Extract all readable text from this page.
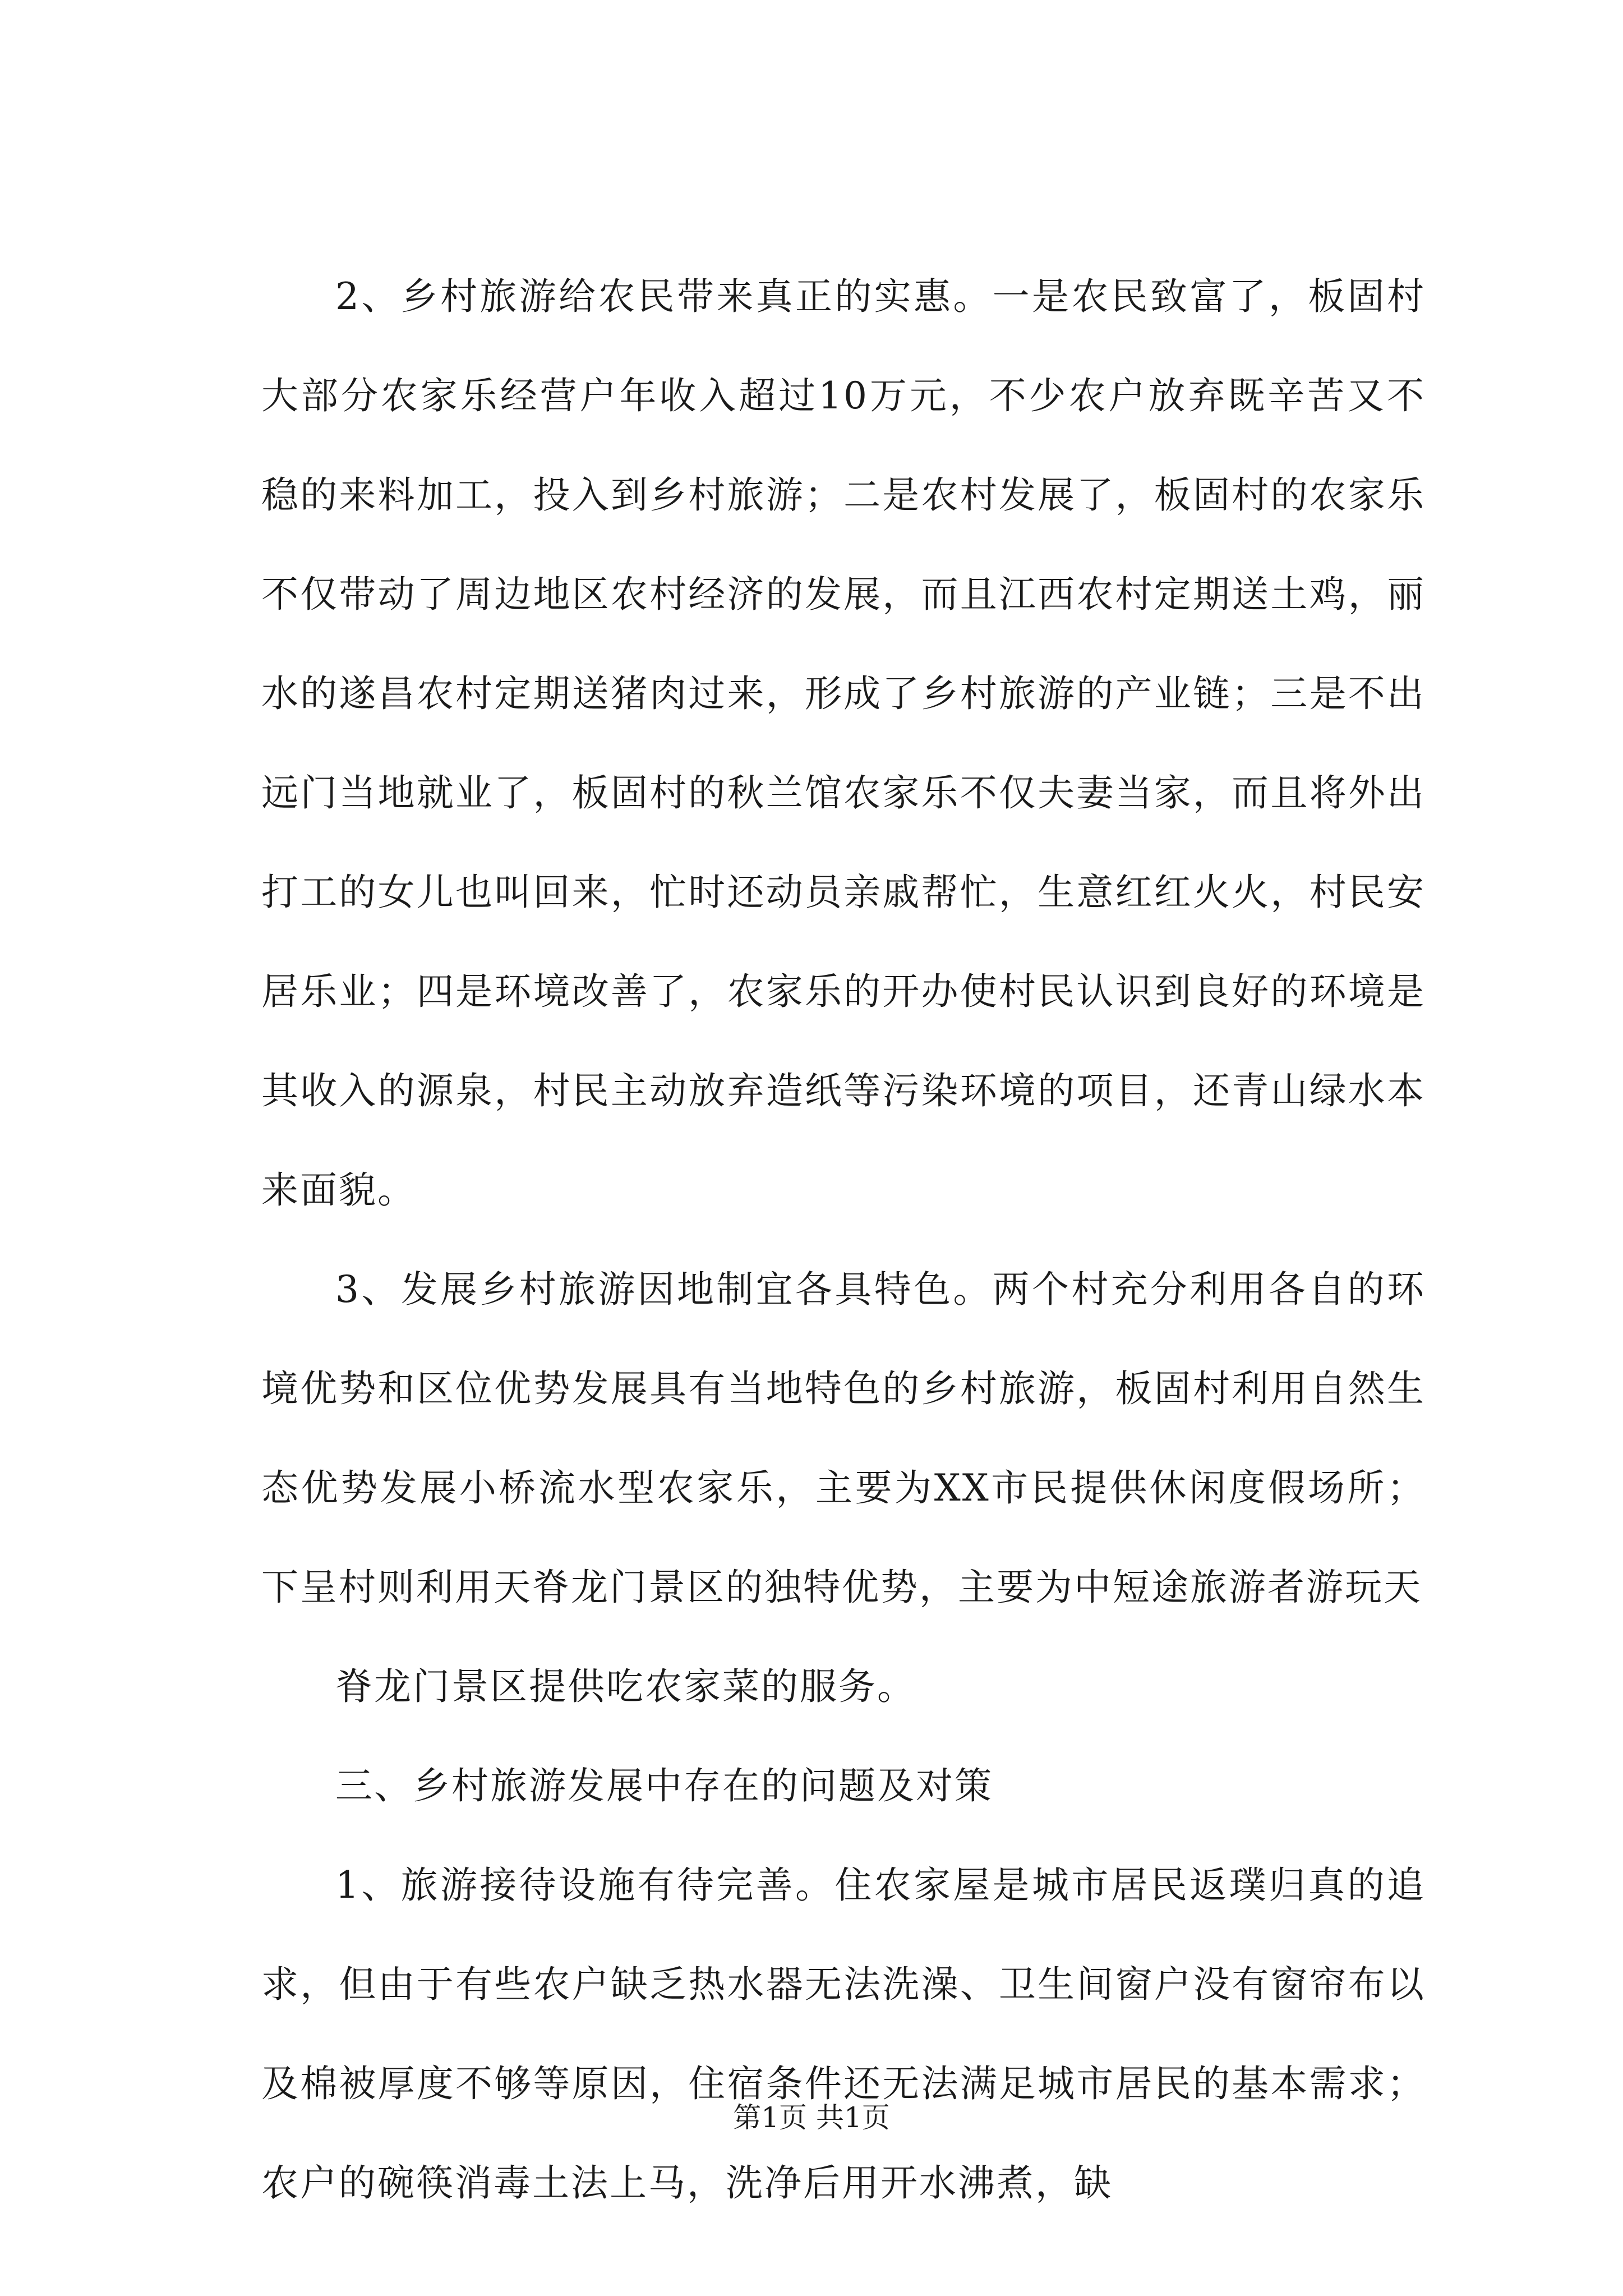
2、乡村旅游给农民带来真正的实惠。一是农民致富了，板固村大部分农家乐经营户年收入超过10万元，不少农户放弃既辛苦又不稳的来料加工，投入到乡村旅游；二是农村发展了，板固村的农家乐不仅带动了周边地区农村经济的发展，而且江西农村定期送土鸡，丽水的遂昌农村定期送猪肉过来，形成了乡村旅游的产业链；三是不出远门当地就业了，板固村的秋兰馆农家乐不仅夫妻当家，而且将外出打工的女儿也叫回来，忙时还动员亲戚帮忙，生意红红火火，村民安居乐业；四是环境改善了，农家乐的开办使村民认识到良好的环境是其收入的源泉，村民主动放弃造纸等污染环境的项目，还青山绿水本来面貌。

3、发展乡村旅游因地制宜各具特色。两个村充分利用各自的环境优势和区位优势发展具有当地特色的乡村旅游，板固村利用自然生态优势发展小桥流水型农家乐，主要为XX市民提供休闲度假场所；下呈村则利用天脊龙门景区的独特优势，主要为中短途旅游者游玩天

脊龙门景区提供吃农家菜的服务。

三、乡村旅游发展中存在的问题及对策

1、旅游接待设施有待完善。住农家屋是城市居民返璞归真的追求，但由于有些农户缺乏热水器无法洗澡、卫生间窗户没有窗帘布以及棉被厚度不够等原因，住宿条件还无法满足城市居民的基本需求；农户的碗筷消毒土法上马，洗净后用开水沸煮，缺

第1页 共1页
